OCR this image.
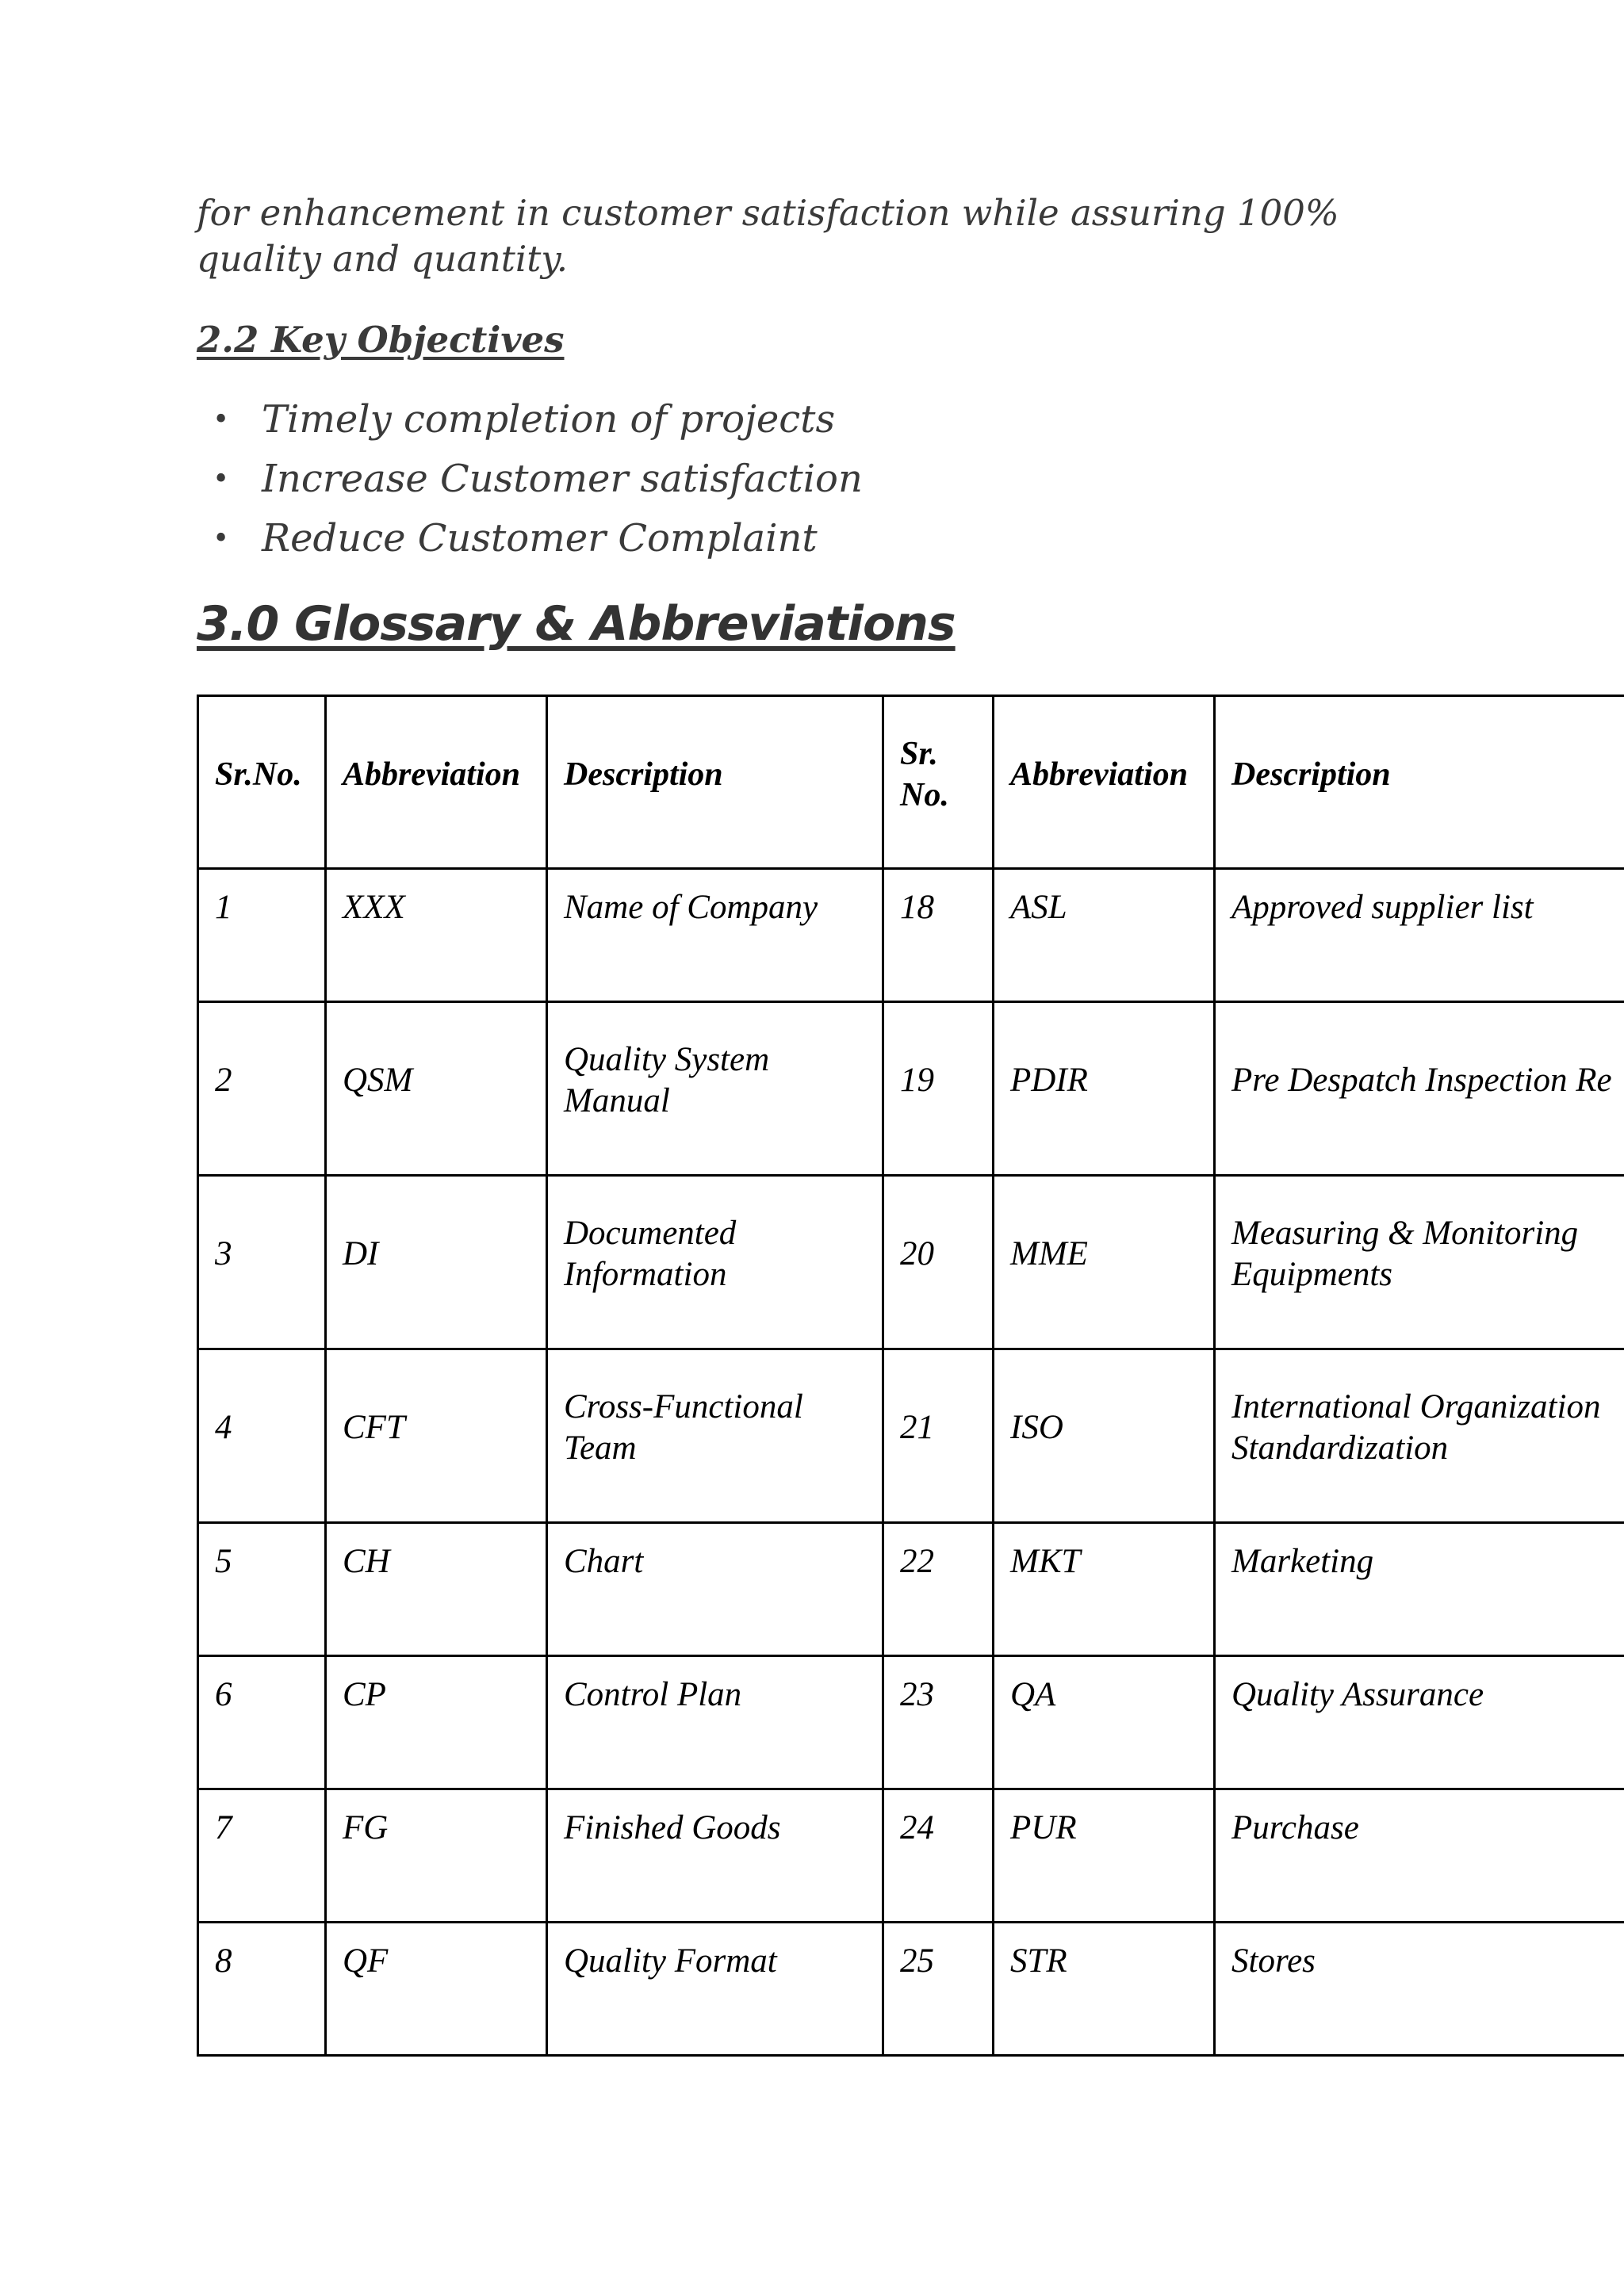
for enhancement in customer satisfaction while assuring 100% quality and quantity.

2.2 Key Objectives
• Timely completion of projects
• Increase Customer satisfaction
• Reduce Customer Complaint
3.0 Glossary & Abbreviations
Sr.No.	Abbreviation	Description	Sr. No.	Abbreviation	Description
1	XXX	Name of Company	18	ASL	Approved supplier list
2	QSM	Quality System Manual	19	PDIR	Pre Despatch Inspection Re
3	DI	Documented Information	20	MME	Measuring & Monitoring Equipments
4	CFT	Cross-Functional Team	21	ISO	International Organization Standardization
5	CH	Chart	22	MKT	Marketing
6	CP	Control Plan	23	QA	Quality Assurance
7	FG	Finished Goods	24	PUR	Purchase
8	QF	Quality Format	25	STR	Stores
